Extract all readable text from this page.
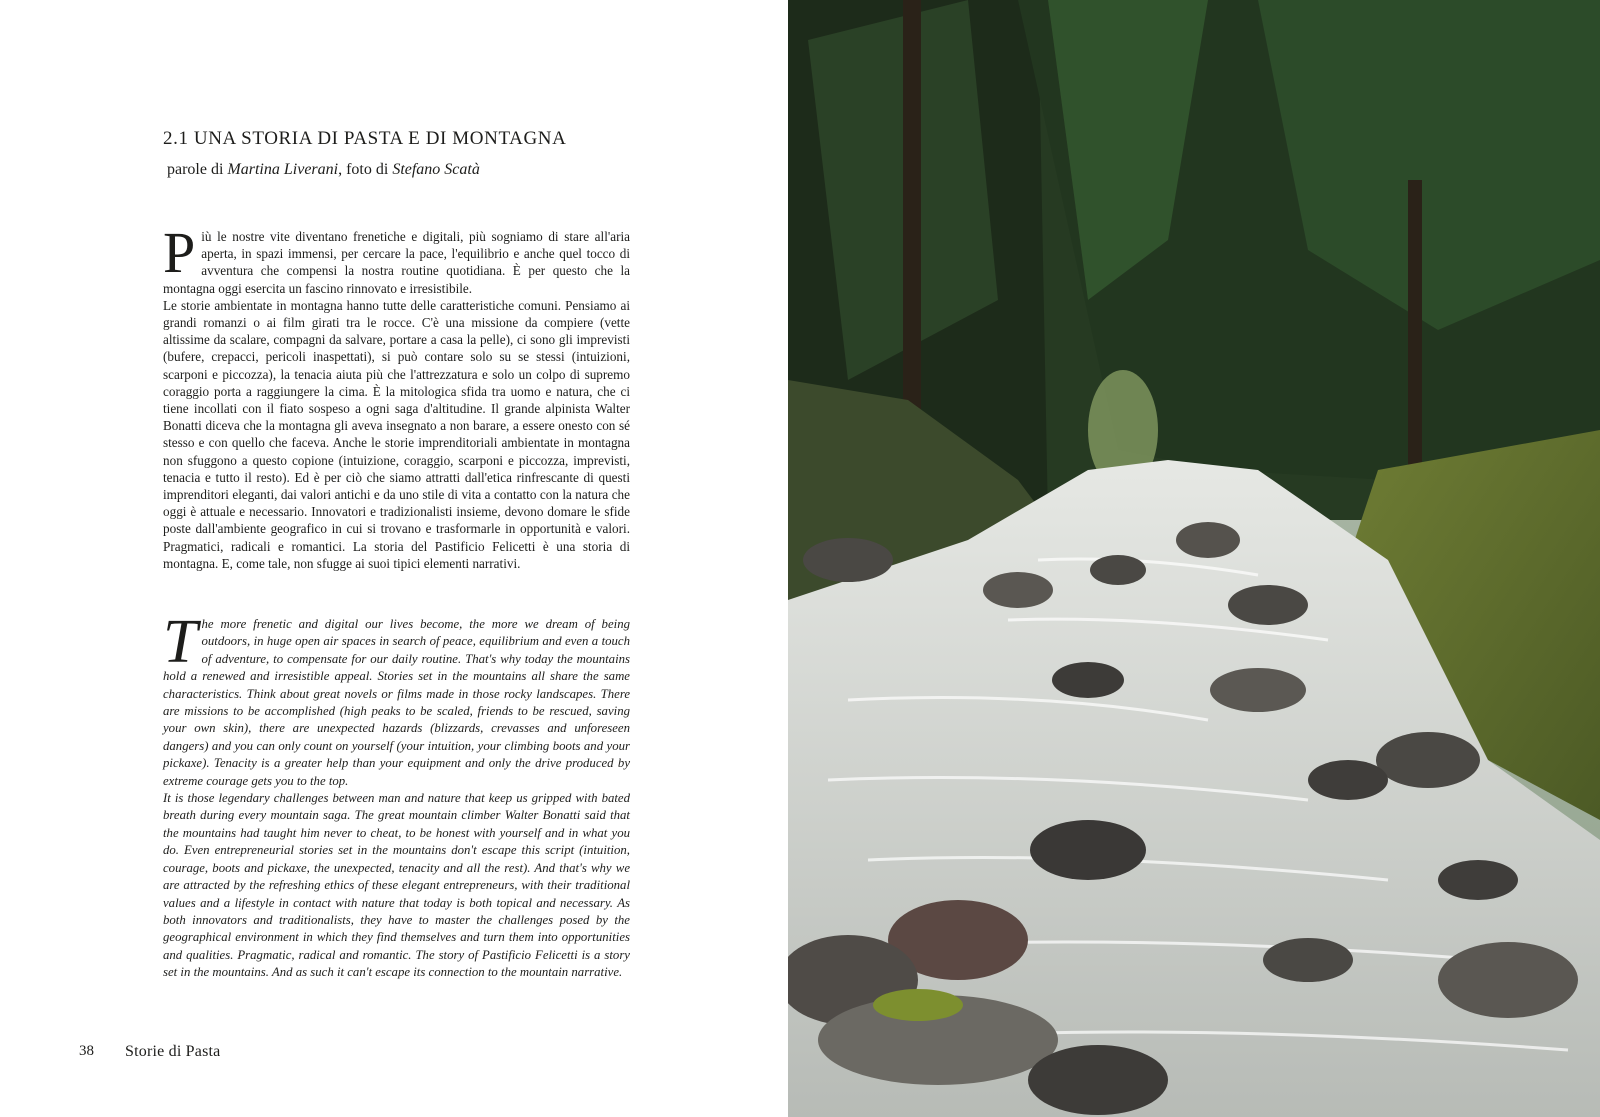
2.1 UNA STORIA DI PASTA E DI MONTAGNA
parole di Martina Liverani, foto di Stefano Scatà

Più le nostre vite diventano frenetiche e digitali, più sogniamo di stare all'aria aperta, in spazi immensi, per cercare la pace, l'equilibrio e anche quel tocco di avventura che compensi la nostra routine quotidiana. È per questo che la montagna oggi esercita un fascino rinnovato e irresistibile.

Le storie ambientate in montagna hanno tutte delle caratteristiche comuni. Pensiamo ai grandi romanzi o ai film girati tra le rocce. C'è una missione da compiere (vette altissime da scalare, compagni da salvare, portare a casa la pelle), ci sono gli imprevisti (bufere, crepacci, pericoli inaspettati), si può contare solo su se stessi (intuizioni, scarponi e piccozza), la tenacia aiuta più che l'attrezzatura e solo un colpo di supremo coraggio porta a raggiungere la cima. È la mitologica sfida tra uomo e natura, che ci tiene incollati con il fiato sospeso a ogni saga d'altitudine. Il grande alpinista Walter Bonatti diceva che la montagna gli aveva insegnato a non barare, a essere onesto con sé stesso e con quello che faceva. Anche le storie imprenditoriali ambientate in montagna non sfuggono a questo copione (intuizione, coraggio, scarponi e piccozza, imprevisti, tenacia e tutto il resto). Ed è per ciò che siamo attratti dall'etica rinfrescante di questi imprenditori eleganti, dai valori antichi e da uno stile di vita a contatto con la natura che oggi è attuale e necessario. Innovatori e tradizionalisti insieme, devono domare le sfide poste dall'ambiente geografico in cui si trovano e trasformarle in opportunità e valori. Pragmatici, radicali e romantici. La storia del Pastificio Felicetti è una storia di montagna. E, come tale, non sfugge ai suoi tipici elementi narrativi.

The more frenetic and digital our lives become, the more we dream of being outdoors, in huge open air spaces in search of peace, equilibrium and even a touch of adventure, to compensate for our daily routine. That's why today the mountains hold a renewed and irresistible appeal. Stories set in the mountains all share the same characteristics. Think about great novels or films made in those rocky landscapes. There are missions to be accomplished (high peaks to be scaled, friends to be rescued, saving your own skin), there are unexpected hazards (blizzards, crevasses and unforeseen dangers) and you can only count on yourself (your intuition, your climbing boots and your pickaxe). Tenacity is a greater help than your equipment and only the drive produced by extreme courage gets you to the top.

It is those legendary challenges between man and nature that keep us gripped with bated breath during every mountain saga. The great mountain climber Walter Bonatti said that the mountains had taught him never to cheat, to be honest with yourself and in what you do. Even entrepreneurial stories set in the mountains don't escape this script (intuition, courage, boots and pickaxe, the unexpected, tenacity and all the rest). And that's why we are attracted by the refreshing ethics of these elegant entrepreneurs, with their traditional values and a lifestyle in contact with nature that today is both topical and necessary. As both innovators and traditionalists, they have to master the challenges posed by the geographical environment in which they find themselves and turn them into opportunities and qualities. Pragmatic, radical and romantic. The story of Pastificio Felicetti is a story set in the mountains. And as such it can't escape its connection to the mountain narrative.

38 Storie di Pasta
